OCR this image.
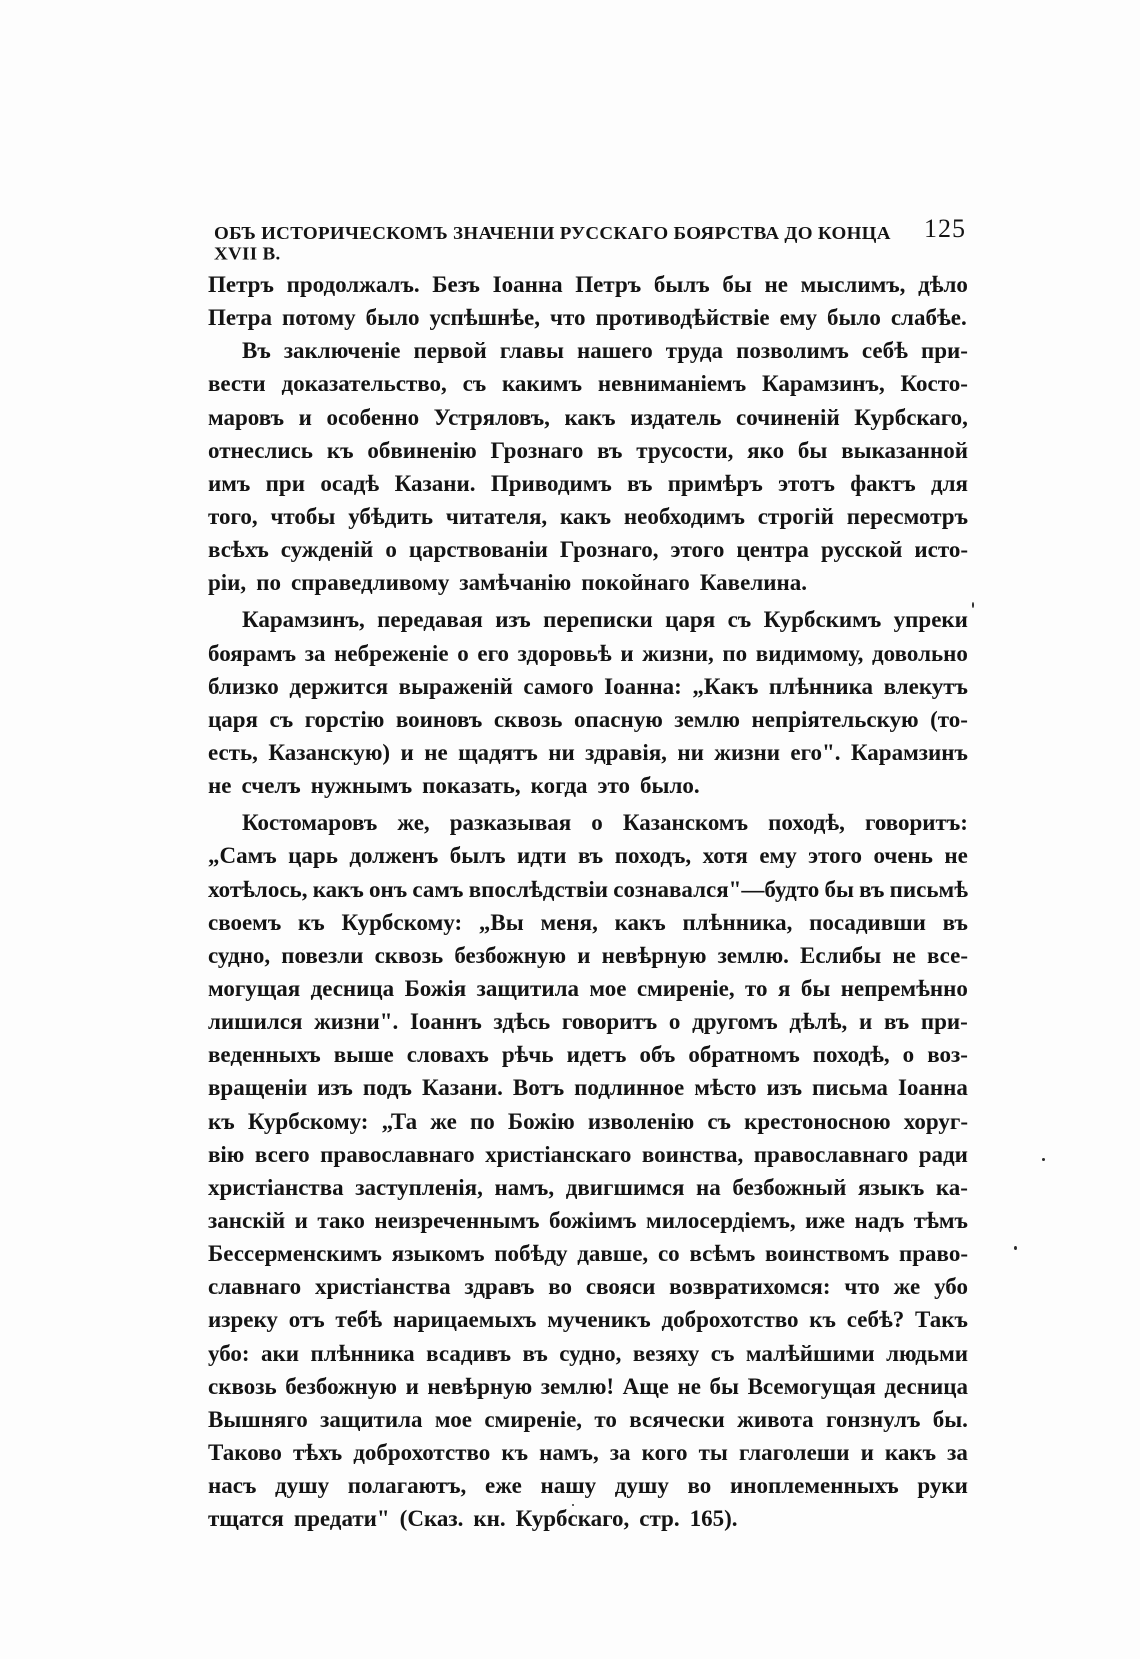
ОБЪ ИСТОРИЧЕСКОМЪ ЗНАЧЕНІИ РУССКАГО БОЯРСТВА ДО КОНЦА XVII В.
125
Петръ продолжалъ. Безъ Іоанна Петръ былъ бы не мыслимъ, дѣло
Петра потому было успѣшнѣе, что противодѣйствіе ему было слабѣе.
Въ заключеніе первой главы нашего труда позволимъ себѣ при-
вести доказательство, съ какимъ невниманіемъ Карамзинъ, Косто-
маровъ и особенно Устряловъ, какъ издатель сочиненій Курбскаго,
отнеслись къ обвиненію Грознаго въ трусости, яко бы выказанной
имъ при осадѣ Казани. Приводимъ въ примѣръ этотъ фактъ для
того, чтобы убѣдить читателя, какъ необходимъ строгій пересмотръ
всѣхъ сужденій о царствованіи Грознаго, этого центра русской исто-
ріи, по справедливому замѣчанію покойнаго Кавелина.
Карамзинъ, передавая изъ переписки царя съ Курбскимъ упреки
боярамъ за небреженіе о его здоровьѣ и жизни, по видимому, довольно
близко держится выраженій самого Іоанна: „Какъ плѣнника влекутъ
царя съ горстію воиновъ сквозь опасную землю непріятельскую (то-
есть, Казанскую) и не щадятъ ни здравія, ни жизни его". Карамзинъ
не счелъ нужнымъ показать, когда это было.
Костомаровъ же, разказывая о Казанскомъ походѣ, говоритъ:
„Самъ царь долженъ былъ идти въ походъ, хотя ему этого очень не
хотѣлось, какъ онъ самъ впослѣдствіи сознавался"—будто бы въ письмѣ
своемъ къ Курбскому: „Вы меня, какъ плѣнника, посадивши въ
судно, повезли сквозь безбожную и невѣрную землю. Еслибы не все-
могущая десница Божія защитила мое смиреніе, то я бы непремѣнно
лишился жизни". Іоаннъ здѣсь говоритъ о другомъ дѣлѣ, и въ при-
веденныхъ выше словахъ рѣчь идетъ объ обратномъ походѣ, о воз-
вращеніи изъ подъ Казани. Вотъ подлинное мѣсто изъ письма Іоанна
къ Курбскому: „Та же по Божію изволенію съ крестоносною хоруг-
вію всего православнаго христіанскаго воинства, православнаго ради
христіанства заступленія, намъ, двигшимся на безбожный языкъ ка-
занскій и тако неизреченнымъ божіимъ милосердіемъ, иже надъ тѣмъ
Бессерменскимъ языкомъ побѣду давше, со всѣмъ воинствомъ право-
славнаго христіанства здравъ во свояси возвратихомся: что же убо
изреку отъ тебѣ нарицаемыхъ мученикъ доброхотство къ себѣ? Такъ
убо: аки плѣнника всадивъ въ судно, везяху съ малѣйшими людьми
сквозь безбожную и невѣрную землю! Аще не бы Всемогущая десница
Вышняго защитила мое смиреніе, то всячески живота гонзнулъ бы.
Таково тѣхъ доброхотство къ намъ, за кого ты глаголеши и какъ за
насъ душу полагаютъ, еже нашу душу во иноплеменныхъ руки
тщатся предати" (Сказ. кн. Курбскаго, стр. 165).
